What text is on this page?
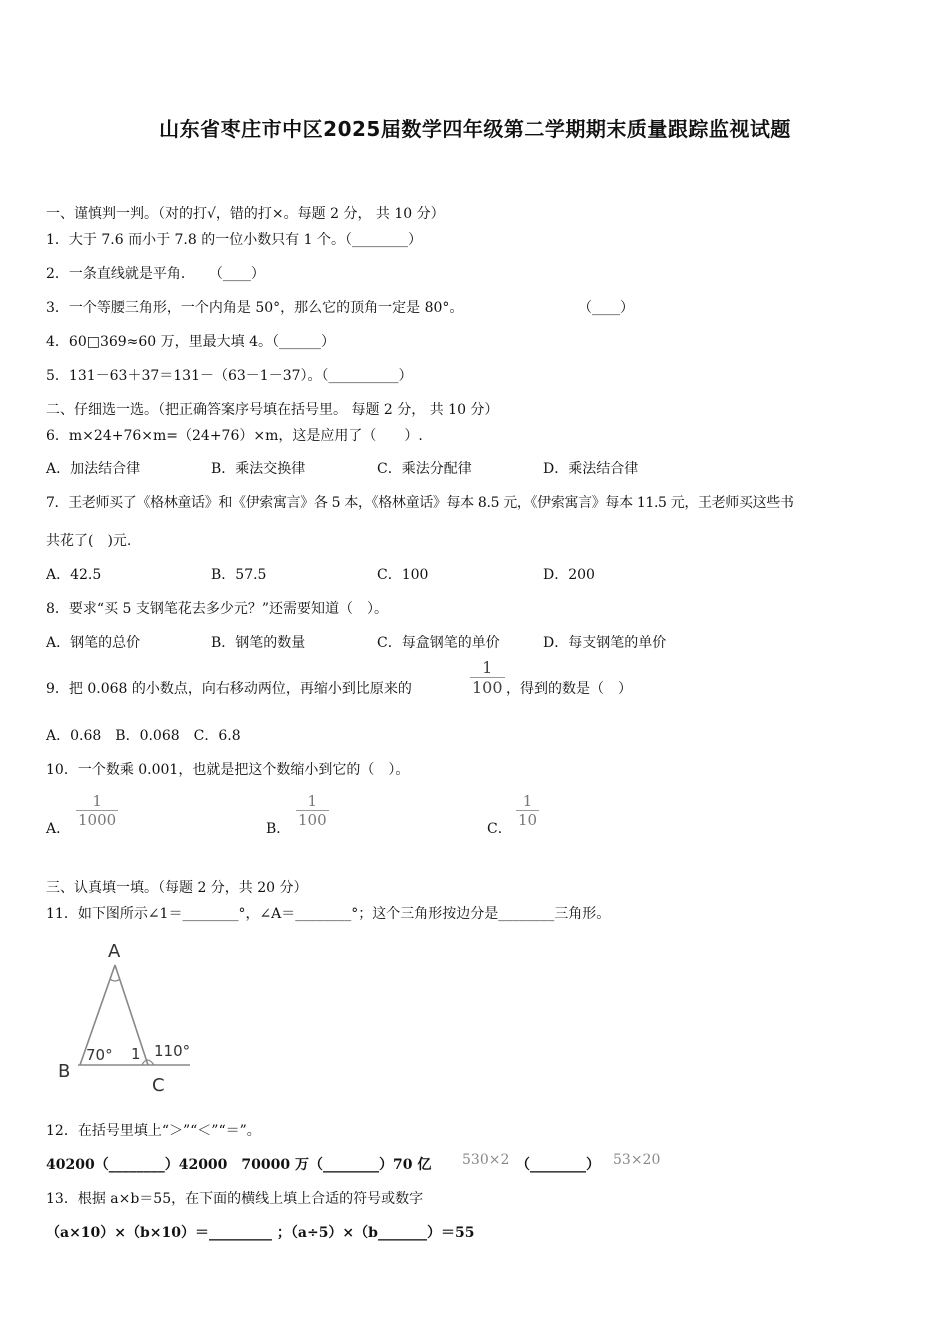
山东省枣庄市中区2025届数学四年级第二学期期末质量跟踪监视试题
一、谨慎判一判。（对的打√，错的打×。每题 2 分， 共 10 分）
1．大于 7.6 而小于 7.8 的一位小数只有 1 个。（________）
2．一条直线就是平角．　　（____）
3．一个等腰三角形，一个内角是 50°，那么它的顶角一定是 80°。	（____）
4．60□369≈60 万，里最大填 4。（______）
5．131－63＋37＝131－（63－1－37）。（__________）
二、仔细选一选。（把正确答案序号填在括号里。 每题 2 分， 共 10 分）
6．m×24+76×m=（24+76）×m，这是应用了（　　）.
A．加法结合律	B．乘法交换律	C．乘法分配律	D．乘法结合律
7．王老师买了《格林童话》和《伊索寓言》各 5 本，《格林童话》每本 8.5 元，《伊索寓言》每本 11.5 元，王老师买这些书
共花了(　)元.
A．42.5	B．57.5	C．100	D．200
8．要求“买 5 支钢笔花去多少元？”还需要知道（　）。
A．钢笔的总价	B．钢笔的数量	C．每盒钢笔的单价	D．每支钢笔的单价
9．把 0.068 的小数点，向右移动两位，再缩小到比原来的
1
100 ，得到的数是（　）
A．0.68　B．0.068　C．6.8
10．一个数乘 0.001，也就是把这个数缩小到它的（　）。
A．
1
1000	B．
1
100	C．
1
10
三、认真填一填。（每题 2 分，共 20 分）
11．如下图所示∠1＝________°，∠A＝________°；这个三角形按边分是________三角形。
A
B
C
70° 1 110°
12．在括号里填上“＞”“＜”“＝”。
40200（________）42000　70000 万（________）70 亿 530×2 （________） 53×20
13．根据 a×b＝55，在下面的横线上填上合适的符号或数字
（a×10）×（b×10）＝_________ ；（a÷5）×（b_______）＝55
